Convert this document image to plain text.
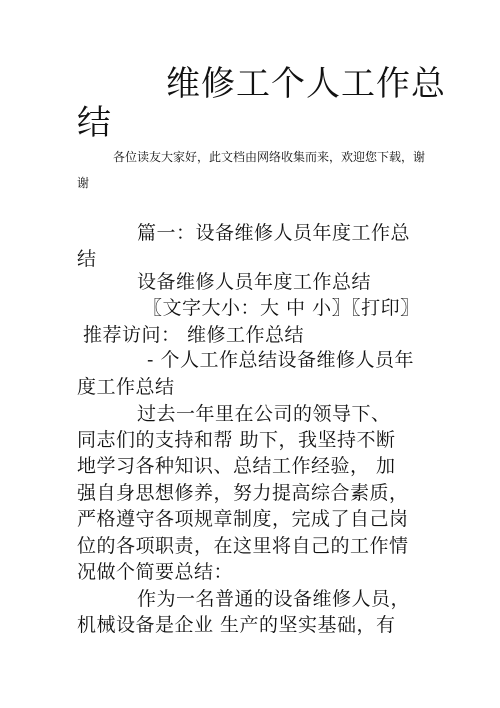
维修工个人工作总
结
各位读友大家好，此文档由网络收集而来，欢迎您下载，谢
谢
篇一：设备维修人员年度工作总
结
设备维修人员年度工作总结
〖文字大小：大 中 小〗〖打印〗
推荐访问： 维修工作总结
- 个人工作总结设备维修人员年
度工作总结
过去一年里在公司的领导下、
同志们的支持和帮 助下，我坚持不断
地学习各种知识、总结工作经验， 加
强自身思想修养，努力提高综合素质，
严格遵守各项规章制度，完成了自己岗
位的各项职责，在这里将自己的工作情
况做个简要总结：
作为一名普通的设备维修人员，
机械设备是企业 生产的坚实基础，有
